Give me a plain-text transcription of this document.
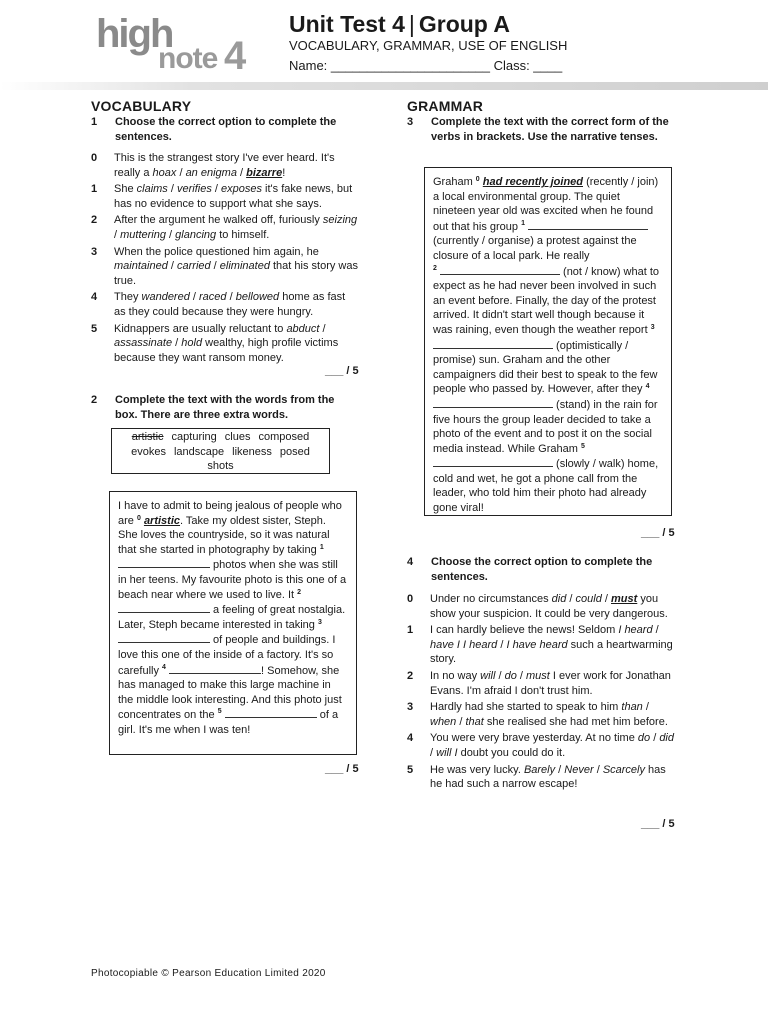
high
note 4
Unit Test 4 | Group A
VOCABULARY, GRAMMAR, USE OF ENGLISH
Name: ______________________ Class: ____
VOCABULARY
1 Choose the correct option to complete the sentences.
0 This is the strangest story I've ever heard. It's really a hoax / an enigma / bizarre!
1 She claims / verifies / exposes it's fake news, but has no evidence to support what she says.
2 After the argument he walked off, furiously seizing / muttering / glancing to himself.
3 When the police questioned him again, he maintained / carried / eliminated that his story was true.
4 They wandered / raced / bellowed home as fast as they could because they were hungry.
5 Kidnappers are usually reluctant to abduct / assassinate / hold wealthy, high profile victims because they want ransom money.
___ / 5
2 Complete the text with the words from the box. There are three extra words.
artistic capturing clues composed
evokes landscape likeness posed
shots
I have to admit to being jealous of people who are $^0$ artistic. Take my oldest sister, Steph. She loves the countryside, so it was natural that she started in photography by taking $^1$  photos when she was still in her teens. My favourite photo is this one of a beach near where we used to live. It $^2$  a feeling of great nostalgia. Later, Steph became interested in taking $^3$  of people and buildings. I love this one of the inside of a factory. It's so carefully $^4$	! Somehow, she has managed to make this large machine in the middle look interesting. And this photo just concentrates on the $^5$	of a girl. It's me when I was ten!
___ / 5
GRAMMAR
3 Complete the text with the correct form of the verbs in brackets. Use the narrative tenses.
Graham $^0$ had recently joined (recently / join) a local environmental group. The quiet nineteen year old was excited when he found out that his group $^1$  (currently / organise) a protest against the closure of a local park. He really
$^2$	(not / know) what to expect as he had never been involved in such an event before. Finally, the day of the protest arrived. It didn't start well though because it was raining, even though the weather report $^3$  (optimistically / promise) sun. Graham and the other campaigners did their best to speak to the few people who passed by. However, after they $^4$  (stand) in the rain for five hours the group leader decided to take a photo of the event and to post it on the social media instead. While Graham $^5$  (slowly / walk) home, cold and wet, he got a phone call from the leader, who told him their photo had already gone viral!
___ / 5
4 Choose the correct option to complete the sentences.
0 Under no circumstances did / could / must you show your suspicion. It could be very dangerous.
1 I can hardly believe the news! Seldom I heard / have I I heard / I have heard such a heartwarming story.
2 In no way will / do / must I ever work for Jonathan Evans. I'm afraid I don't trust him.
3 Hardly had she started to speak to him than / when / that she realised she had met him before.
4 You were very brave yesterday. At no time do / did / will I doubt you could do it.
5 He was very lucky. Barely / Never / Scarcely has he had such a narrow escape!
___ / 5
Photocopiable © Pearson Education Limited 2020
